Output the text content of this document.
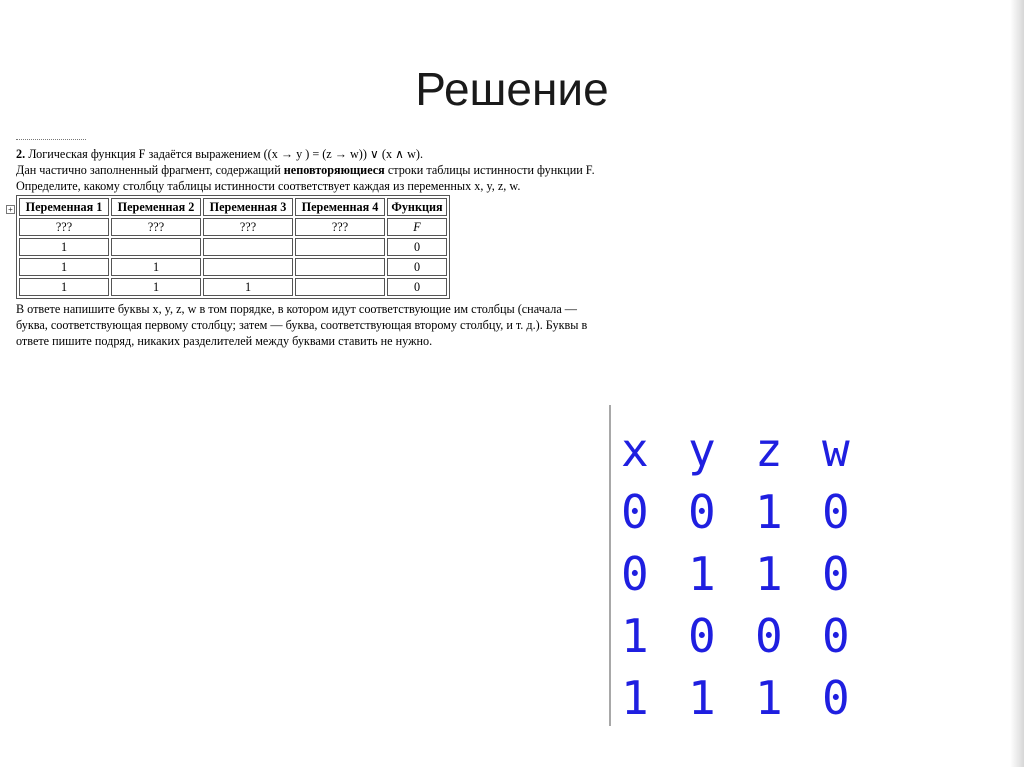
Решение
+

2. Логическая функция F задаётся выражением ((x → y ) = (z → w)) ∨ (x ∧ w).

Дан частично заполненный фрагмент, содержащий неповторяющиеся строки таблицы истинности функции F.

Определите, какому столбцу таблицы истинности соответствует каждая из переменных x, y, z, w.

Переменная 1	Переменная 2	Переменная 3	Переменная 4	Функция
???	???	???	???	F
1				0
1	1			0
1	1	1		0

В ответе напишите буквы x, y, z, w в том порядке, в котором идут соответствующие им столбцы (сначала — буква, соответствующая первому столбцу; затем — буква, соответствующая второму столбцу, и т. д.). Буквы в ответе пишите подряд, никаких разделителей между буквами ставить не нужно.

x y z w
0 0 1 0
0 1 1 0
1 0 0 0
1 1 1 0
